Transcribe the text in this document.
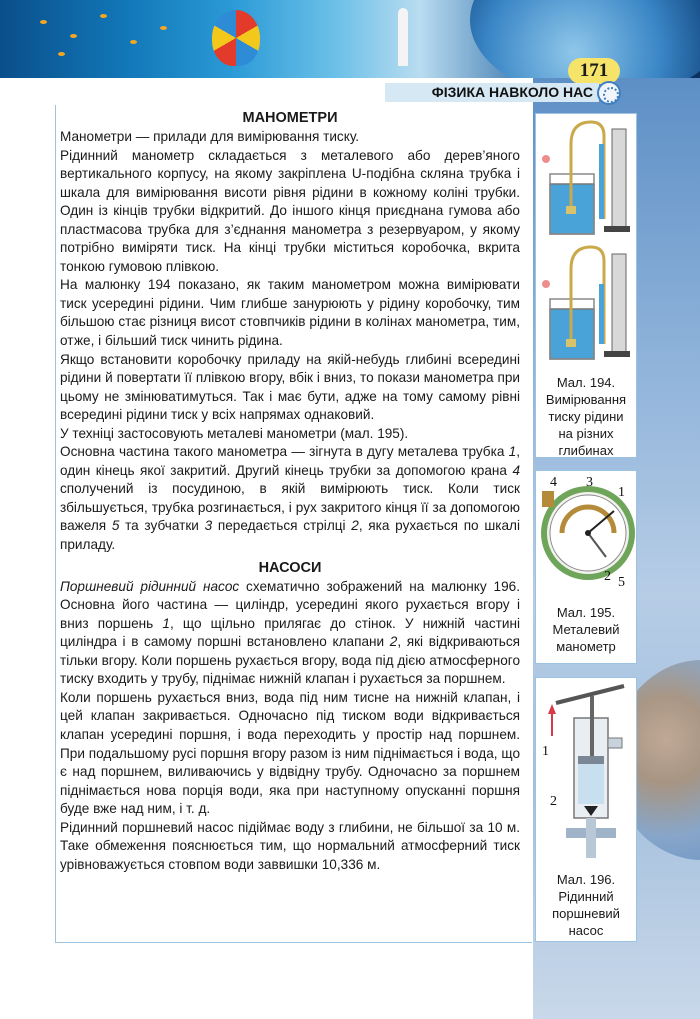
171
ФІЗИКА НАВКОЛО НАС
МАНОМЕТРИ

Манометри — прилади для вимірювання тиску.

Рідинний манометр складається з металевого або дерев’яного вертикального корпусу, на якому закріплена U-подібна скляна трубка і шкала для вимірювання висоти рівня рідини в кожному коліні трубки. Один із кінців трубки відкритий. До іншого кінця приєднана гумова або пластмасова трубка для з’єднання манометра з резервуаром, у якому потрібно виміряти тиск. На кінці трубки міститься коробочка, вкрита тонкою гумовою плівкою.

На малюнку 194 показано, як таким манометром можна вимірювати тиск усередині рідини. Чим глибше занурюють у рідину коробочку, тим більшою стає різниця висот стовпчиків рідини в колінах манометра, тим, отже, і більший тиск чинить рідина.

Якщо встановити коробочку приладу на якій-небудь глибині всередині рідини й повертати її плівкою вгору, вбік і вниз, то покази манометра при цьому не змінюватимуться. Так і має бути, адже на тому самому рівні всередині рідини тиск у всіх напрямах однаковий.

У техніці застосовують металеві манометри (мал. 195).

Основна частина такого манометра — зігнута в дугу металева трубка 1, один кінець якої закритий. Другий кінець трубки за допомогою крана 4 сполучений із посудиною, в якій вимірюють тиск. Коли тиск збільшується, трубка розгинається, і рух закритого кінця її за допомогою важеля 5 та зубчатки 3 передається стрілці 2, яка рухається по шкалі приладу.

НАСОСИ

Поршневий рідинний насос схематично зображений на малюнку 196. Основна його частина — циліндр, усередині якого рухається вгору і вниз поршень 1, що щільно прилягає до стінок. У нижній частині циліндра і в самому поршні встановлено клапани 2, які відкриваються тільки вгору. Коли поршень рухається вгору, вода під дією атмосферного тиску входить у трубу, піднімає нижній клапан і рухається за поршнем.

Коли поршень рухається вниз, вода під ним тисне на нижній клапан, і цей клапан закривається. Одночасно під тиском води відкривається клапан усередині поршня, і вода переходить у простір над поршнем. При подальшому русі поршня вгору разом із ним піднімається і вода, що є над поршнем, виливаючись у відвідну трубу. Одночасно за поршнем піднімається нова порція води, яка при наступному опусканні поршня буде вже над ним, і т. д.

Рідинний поршневий насос підіймає воду з глибини, не більшої за 10 м. Таке обмеження пояснюється тим, що нормальний атмосферний тиск урівноважується стовпом води заввишки 10,336 м.

Мал. 194.
Вимірювання
тиску рідини
на різних
глибинах
4 3
1
2 5
Мал. 195.
Металевий
манометр
1
2
Мал. 196.
Рідинний
поршневий
насос
